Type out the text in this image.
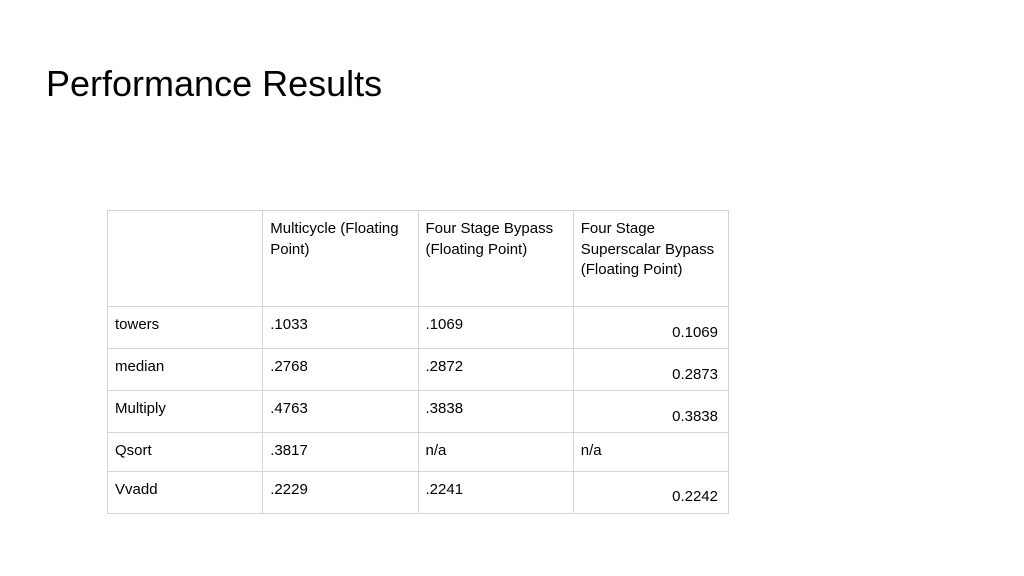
Performance Results
	Multicycle (Floating Point)	Four Stage Bypass (Floating Point)	Four Stage Superscalar Bypass (Floating Point)
towers	.1033	.1069	0.1069
median	.2768	.2872	0.2873
Multiply	.4763	.3838	0.3838
Qsort	.3817	n/a	n/a
Vvadd	.2229	.2241	0.2242
